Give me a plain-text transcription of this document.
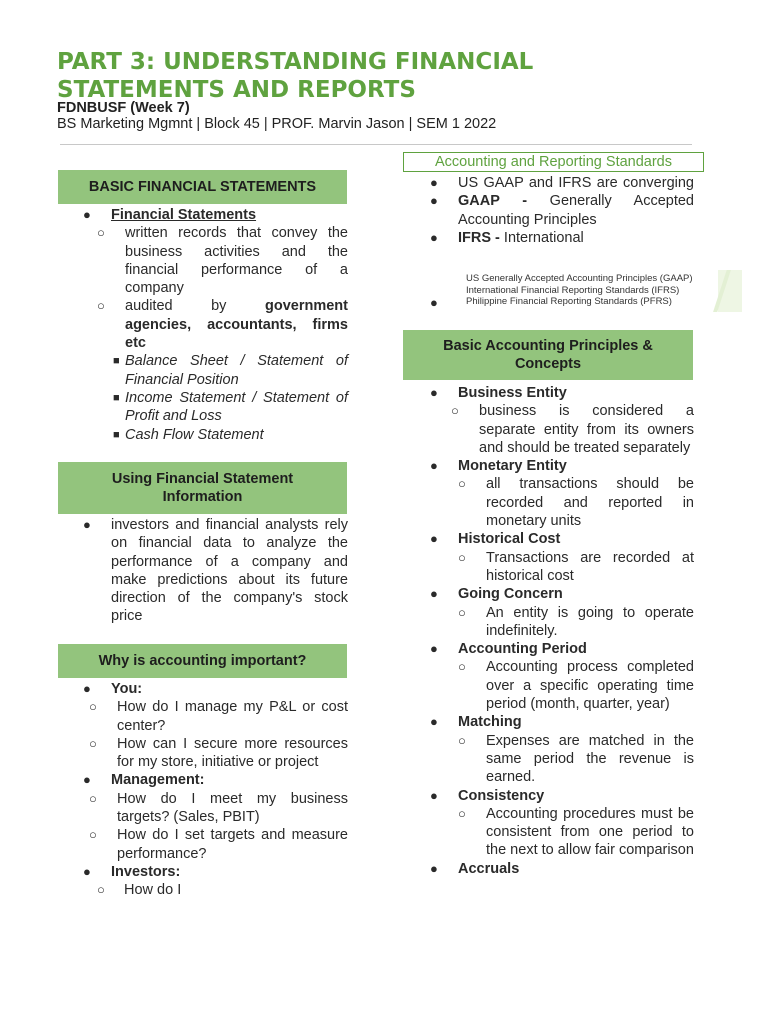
PART 3: UNDERSTANDING FINANCIAL
STATEMENTS AND REPORTS
FDNBUSF (Week 7)
BS Marketing Mgmnt | Block 45 | PROF. Marvin Jason | SEM 1 2022
BASIC FINANCIAL STATEMENTS
● Financial Statements
○ written records that convey the business activities and the financial performance of a company
○ audited by	government agencies, accountants, firms etc
■ Balance Sheet / Statement of Financial Position
■ Income Statement / Statement of Profit and Loss
■ Cash Flow Statement
Using Financial Statement
Information
● investors and financial analysts rely on financial data to analyze the performance of a company and make predictions about its future direction of the company's stock price
Why is accounting important?
● You:
○ How do I manage my P&L or cost center?
○ How can I secure more resources for my store, initiative or project
● Management:
○ How do I meet my business targets? (Sales, PBIT)
○ How do I set targets and measure performance?
● Investors:
○ How do I
Accounting and Reporting Standards
● US GAAP and IFRS are converging
● GAAP - Generally Accepted Accounting Principles
● IFRS - International
US Generally Accepted Accounting Principles (GAAP)
International Financial Reporting Standards (IFRS)
Philippine Financial Reporting Standards (PFRS)
●
Basic Accounting Principles &
Concepts
● Business Entity
○ business is considered a separate entity from its owners and should be treated separately
● Monetary Entity
○ all transactions should be recorded and reported in monetary units
● Historical Cost
○ Transactions are recorded at historical cost
● Going Concern
○ An entity is going to operate indefinitely.
● Accounting Period
○ Accounting process completed over a specific operating time period (month, quarter, year)
● Matching
○ Expenses are matched in the same period the revenue is earned.
● Consistency
○ Accounting procedures must be consistent from one period to the next to allow fair comparison
● Accruals
